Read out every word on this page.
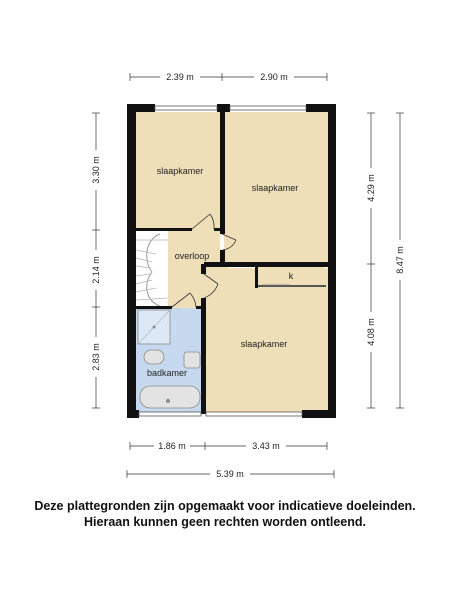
slaapkamer
slaapkamer
overloop
k
slaapkamer
badkamer
2.39 m	2.90 m
3.30 m
2.14 m
2.83 m
4.29 m
4.08 m
8.47 m
1.86 m	3.43 m
5.39 m
Deze plattegronden zijn opgemaakt voor indicatieve doeleinden.
Hieraan kunnen geen rechten worden ontleend.
